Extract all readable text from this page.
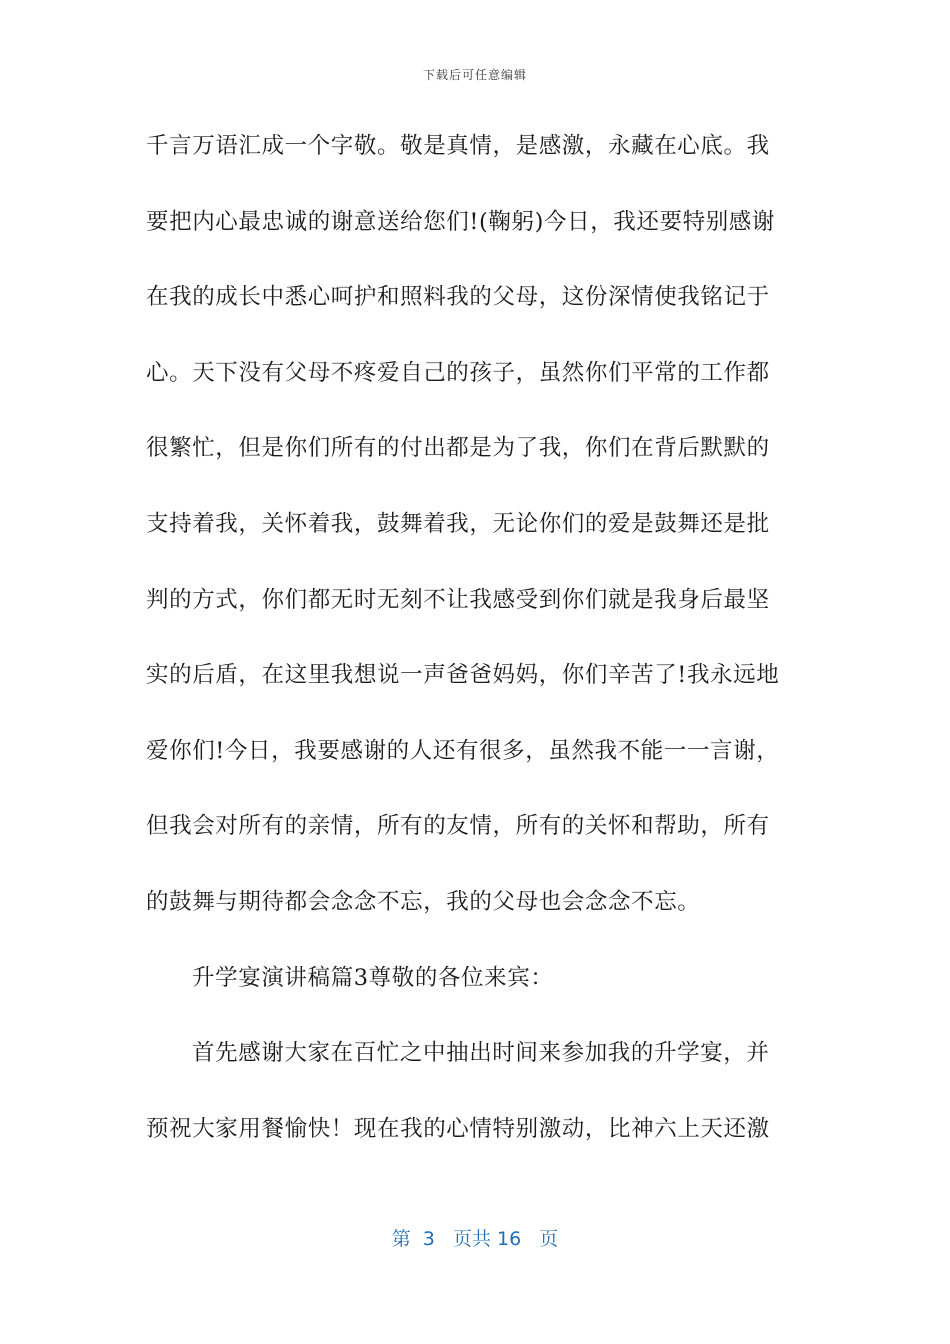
下载后可任意编辑
千言万语汇成一个字敬。敬是真情，是感激，永藏在心底。我
要把内心最忠诚的谢意送给您们!(鞠躬)今日，我还要特别感谢
在我的成长中悉心呵护和照料我的父母，这份深情使我铭记于
心。天下没有父母不疼爱自己的孩子，虽然你们平常的工作都
很繁忙，但是你们所有的付出都是为了我，你们在背后默默的
支持着我，关怀着我，鼓舞着我，无论你们的爱是鼓舞还是批
判的方式，你们都无时无刻不让我感受到你们就是我身后最坚
实的后盾，在这里我想说一声爸爸妈妈，你们辛苦了!我永远地
爱你们!今日，我要感谢的人还有很多，虽然我不能一一言谢，
但我会对所有的亲情，所有的友情，所有的关怀和帮助，所有
的鼓舞与期待都会念念不忘，我的父母也会念念不忘。
升学宴演讲稿篇3尊敬的各位来宾：
首先感谢大家在百忙之中抽出时间来参加我的升学宴，并
预祝大家用餐愉快！现在我的心情特别激动，比神六上天还激
第  3   页共 16   页
